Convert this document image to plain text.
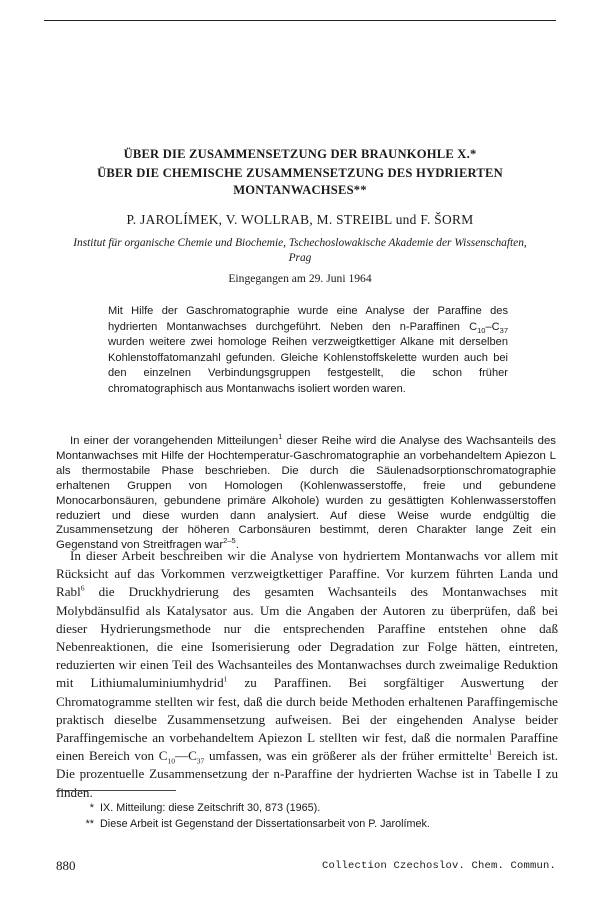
ÜBER DIE ZUSAMMENSETZUNG DER BRAUNKOHLE X.*
ÜBER DIE CHEMISCHE ZUSAMMENSETZUNG DES HYDRIERTEN
MONTANWACHSES**
P. JAROLÍMEK, V. WOLLRAB, M. STREIBL und F. ŠORM
Institut für organische Chemie und Biochemie, Tschechoslowakische Akademie der Wissenschaften,
Prag
Eingegangen am 29. Juni 1964
Mit Hilfe der Gaschromatographie wurde eine Analyse der Paraffine des hydrierten Montanwachses durchgeführt. Neben den n-Paraffinen $C_{10}-C_{37}$ wurden weitere zwei homologe Reihen verzweigtkettiger Alkane mit derselben Kohlenstoffatomanzahl gefunden. Gleiche Kohlenstoffskelette wurden auch bei den einzelnen Verbindungsgruppen festgestellt, die schon früher chromatographisch aus Montanwachs isoliert worden waren.
In einer der vorangehenden Mitteilungen$^1$ dieser Reihe wird die Analyse des Wachsanteils des Montanwachses mit Hilfe der Hochtemperatur-Gaschromatographie an vorbehandeltem Apiezon L als thermostabile Phase beschrieben. Die durch die Säulenadsorptionschromatographie erhaltenen Gruppen von Homologen (Kohlenwasserstoffe, freie und gebundene Monocarbonsäuren, gebundene primäre Alkohole) wurden zu gesättigten Kohlenwasserstoffen reduziert und diese wurden dann analysiert. Auf diese Weise wurde endgültig die Zusammensetzung der höheren Carbonsäuren bestimmt, deren Charakter lange Zeit ein Gegenstand von Streitfragen war$^{2-5}$.
In dieser Arbeit beschreiben wir die Analyse von hydriertem Montanwachs vor allem mit Rücksicht auf das Vorkommen verzweigtkettiger Paraffine. Vor kurzem führten Landa und Rabl$^6$ die Druckhydrierung des gesamten Wachsanteils des Montanwachses mit Molybdänsulfid als Katalysator aus. Um die Angaben der Autoren zu überprüfen, daß bei dieser Hydrierungsmethode nur die entsprechenden Paraffine entstehen ohne daß Nebenreaktionen, die eine Isomerisierung oder Degradation zur Folge hätten, eintreten, reduzierten wir einen Teil des Wachsanteiles des Montanwachses durch zweimalige Reduktion mit Lithiumaluminiumhydrid$^1$ zu Paraffinen. Bei sorgfältiger Auswertung der Chromatogramme stellten wir fest, daß die durch beide Methoden erhaltenen Paraffingemische praktisch dieselbe Zusammensetzung aufweisen. Bei der eingehenden Analyse beider Paraffingemische an vorbehandeltem Apiezon L stellten wir fest, daß die normalen Paraffine einen Bereich von $C_{10}—C_{37}$ umfassen, was ein größerer als der früher ermittelte$^1$ Bereich ist. Die prozentuelle Zusammensetzung der n-Paraffine der hydrierten Wachse ist in Tabelle I zu finden.
* IX. Mitteilung: diese Zeitschrift 30, 873 (1965).
** Diese Arbeit ist Gegenstand der Dissertationsarbeit von P. Jarolímek.
880	Collection Czechoslov. Chem. Commun.
